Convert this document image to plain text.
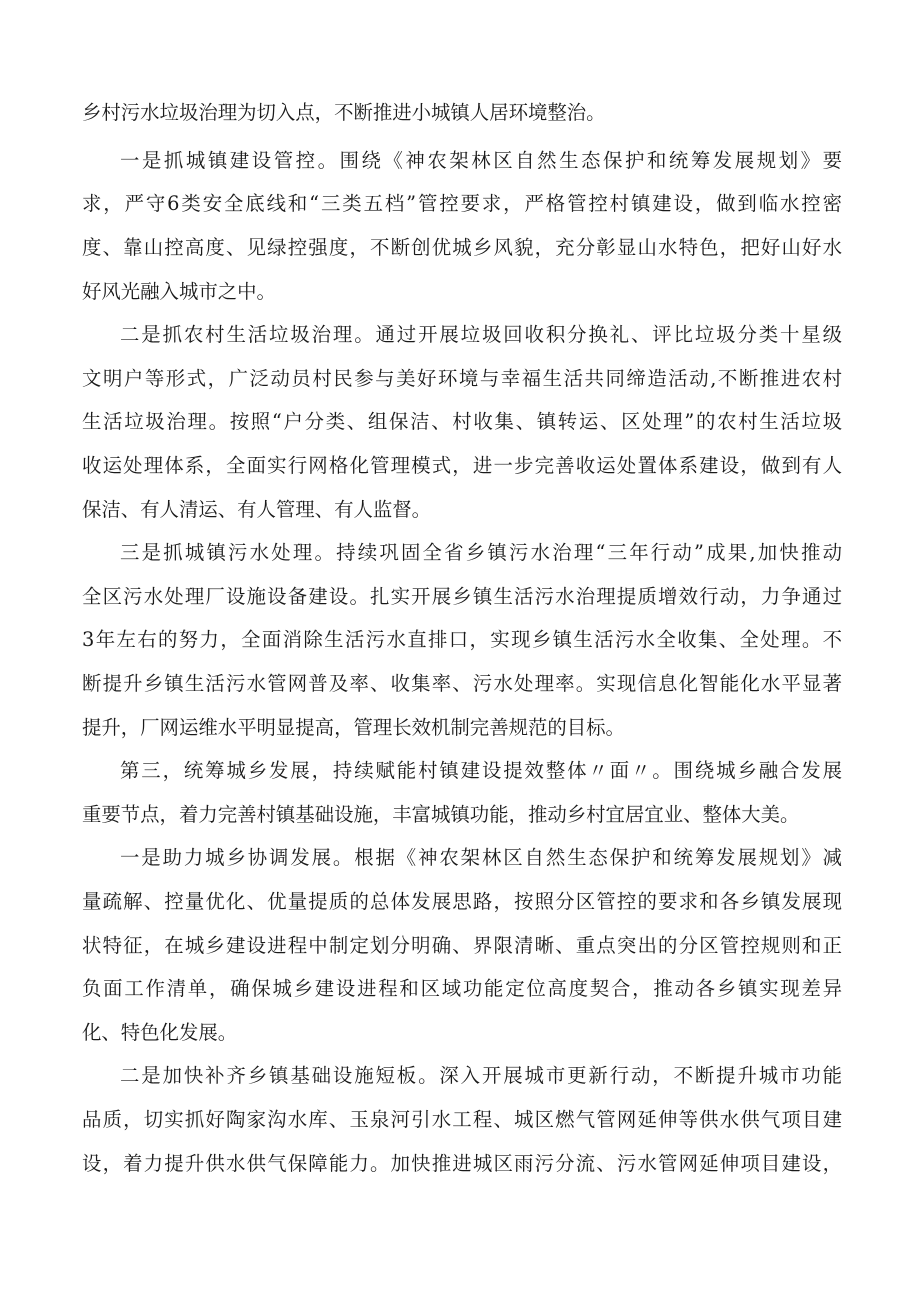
乡村污水垃圾治理为切入点，不断推进小城镇人居环境整治。
一是抓城镇建设管控。围绕《神农架林区自然生态保护和统筹发展规划》要
求，严守6类安全底线和“三类五档”管控要求，严格管控村镇建设，做到临水控密
度、靠山控高度、见绿控强度，不断创优城乡风貌，充分彰显山水特色，把好山好水
好风光融入城市之中。
二是抓农村生活垃圾治理。通过开展垃圾回收积分换礼、评比垃圾分类十星级
文明户等形式，广泛动员村民参与美好环境与幸福生活共同缔造活动,不断推进农村
生活垃圾治理。按照“户分类、组保洁、村收集、镇转运、区处理”的农村生活垃圾
收运处理体系，全面实行网格化管理模式，进一步完善收运处置体系建设，做到有人
保洁、有人清运、有人管理、有人监督。
三是抓城镇污水处理。持续巩固全省乡镇污水治理“三年行动”成果,加快推动
全区污水处理厂设施设备建设。扎实开展乡镇生活污水治理提质增效行动，力争通过
3年左右的努力，全面消除生活污水直排口，实现乡镇生活污水全收集、全处理。不
断提升乡镇生活污水管网普及率、收集率、污水处理率。实现信息化智能化水平显著
提升，厂网运维水平明显提高，管理长效机制完善规范的目标。
第三，统筹城乡发展，持续赋能村镇建设提效整体〃面〃。围绕城乡融合发展
重要节点，着力完善村镇基础设施，丰富城镇功能，推动乡村宜居宜业、整体大美。
一是助力城乡协调发展。根据《神农架林区自然生态保护和统筹发展规划》减
量疏解、控量优化、优量提质的总体发展思路，按照分区管控的要求和各乡镇发展现
状特征，在城乡建设进程中制定划分明确、界限清晰、重点突出的分区管控规则和正
负面工作清单，确保城乡建设进程和区域功能定位高度契合，推动各乡镇实现差异
化、特色化发展。
二是加快补齐乡镇基础设施短板。深入开展城市更新行动，不断提升城市功能
品质，切实抓好陶家沟水库、玉泉河引水工程、城区燃气管网延伸等供水供气项目建
设，着力提升供水供气保障能力。加快推进城区雨污分流、污水管网延伸项目建设，
